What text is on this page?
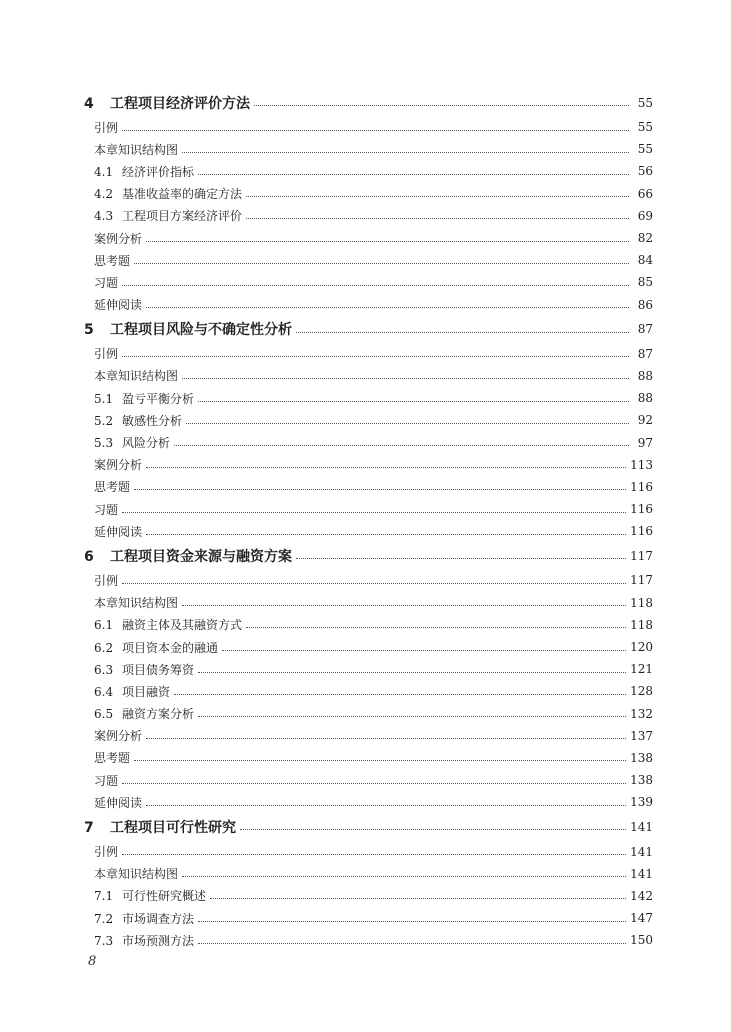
4 工程项目经济评价方法	55
引例	55
本章知识结构图	55
4.1 经济评价指标	56
4.2 基准收益率的确定方法	66
4.3 工程项目方案经济评价	69
案例分析	82
思考题	84
习题	85
延伸阅读	86
5 工程项目风险与不确定性分析	87
引例	87
本章知识结构图	88
5.1 盈亏平衡分析	88
5.2 敏感性分析	92
5.3 风险分析	97
案例分析	113
思考题	116
习题	116
延伸阅读	116
6 工程项目资金来源与融资方案	117
引例	117
本章知识结构图	118
6.1 融资主体及其融资方式	118
6.2 项目资本金的融通	120
6.3 项目债务筹资	121
6.4 项目融资	128
6.5 融资方案分析	132
案例分析	137
思考题	138
习题	138
延伸阅读	139
7 工程项目可行性研究	141
引例	141
本章知识结构图	141
7.1 可行性研究概述	142
7.2 市场调查方法	147
7.3 市场预测方法	150
8
